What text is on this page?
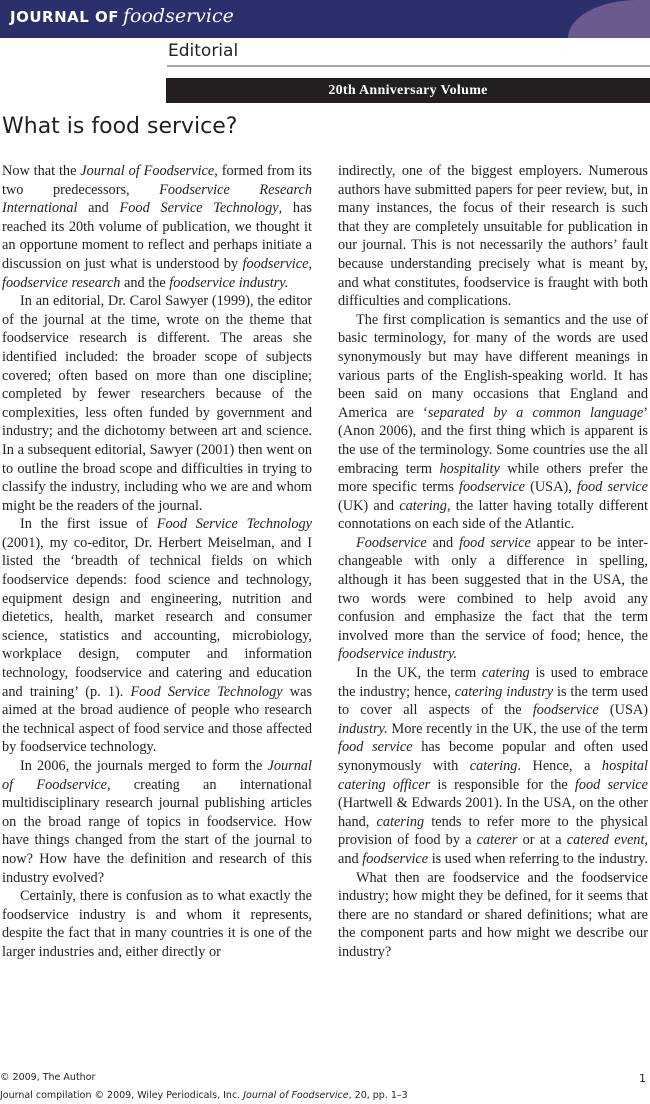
JOURNAL OF foodservice
Editorial
20th Anniversary Volume
What is food service?

Now that the Journal of Foodservice, formed from its two predecessors, Foodservice Research International and Food Service Technology, has reached its 20th volume of publication, we thought it an opportune moment to reflect and perhaps initiate a discussion on just what is understood by foodservice, foodservice research and the foodservice industry.

In an editorial, Dr. Carol Sawyer (1999), the editor of the journal at the time, wrote on the theme that foodservice research is different. The areas she identified included: the broader scope of subjects covered; often based on more than one discipline; completed by fewer researchers because of the complexities, less often funded by government and industry; and the dichotomy between art and science. In a subsequent editorial, Sawyer (2001) then went on to outline the broad scope and difficulties in trying to classify the industry, including who we are and whom might be the readers of the journal.

In the first issue of Food Service Technology (2001), my co-editor, Dr. Herbert Meiselman, and I listed the ‘breadth of technical fields on which foodservice depends: food science and technology, equipment design and engineering, nutrition and dietetics, health, market research and consumer science, statistics and accounting, microbiology, workplace design, computer and information technology, foodservice and catering and education and training’ (p. 1). Food Service Technology was aimed at the broad audience of people who research the technical aspect of food service and those affected by foodservice technology.

In 2006, the journals merged to form the Journal of Foodservice, creating an international multidisciplinary research journal publishing articles on the broad range of topics in foodservice. How have things changed from the start of the journal to now? How have the definition and research of this industry evolved?

Certainly, there is confusion as to what exactly the foodservice industry is and whom it represents, despite the fact that in many countries it is one of the larger industries and, either directly or

indirectly, one of the biggest employers. Numerous authors have submitted papers for peer review, but, in many instances, the focus of their research is such that they are completely unsuitable for publication in our journal. This is not necessarily the authors’ fault because understanding precisely what is meant by, and what constitutes, foodservice is fraught with both difficulties and complications.

The first complication is semantics and the use of basic terminology, for many of the words are used synonymously but may have different meanings in various parts of the English-speaking world. It has been said on many occasions that England and America are ‘separated by a common language’ (Anon 2006), and the first thing which is apparent is the use of the terminology. Some countries use the all embracing term hospitality while others prefer the more specific terms foodservice (USA), food service (UK) and catering, the latter having totally different connotations on each side of the Atlantic.

Foodservice and food service appear to be interchangeable with only a difference in spelling, although it has been suggested that in the USA, the two words were combined to help avoid any confusion and emphasize the fact that the term involved more than the service of food; hence, the foodservice industry.

In the UK, the term catering is used to embrace the industry; hence, catering industry is the term used to cover all aspects of the foodservice (USA) industry. More recently in the UK, the use of the term food service has become popular and often used synonymously with catering. Hence, a hospital catering officer is responsible for the food service (Hartwell & Edwards 2001). In the USA, on the other hand, catering tends to refer more to the physical provision of food by a caterer or at a catered event, and foodservice is used when referring to the industry.

What then are foodservice and the foodservice industry; how might they be defined, for it seems that there are no standard or shared definitions; what are the component parts and how might we describe our industry?

© 2009, The Author	1
Journal compilation © 2009, Wiley Periodicals, Inc. Journal of Foodservice, 20, pp. 1–3
